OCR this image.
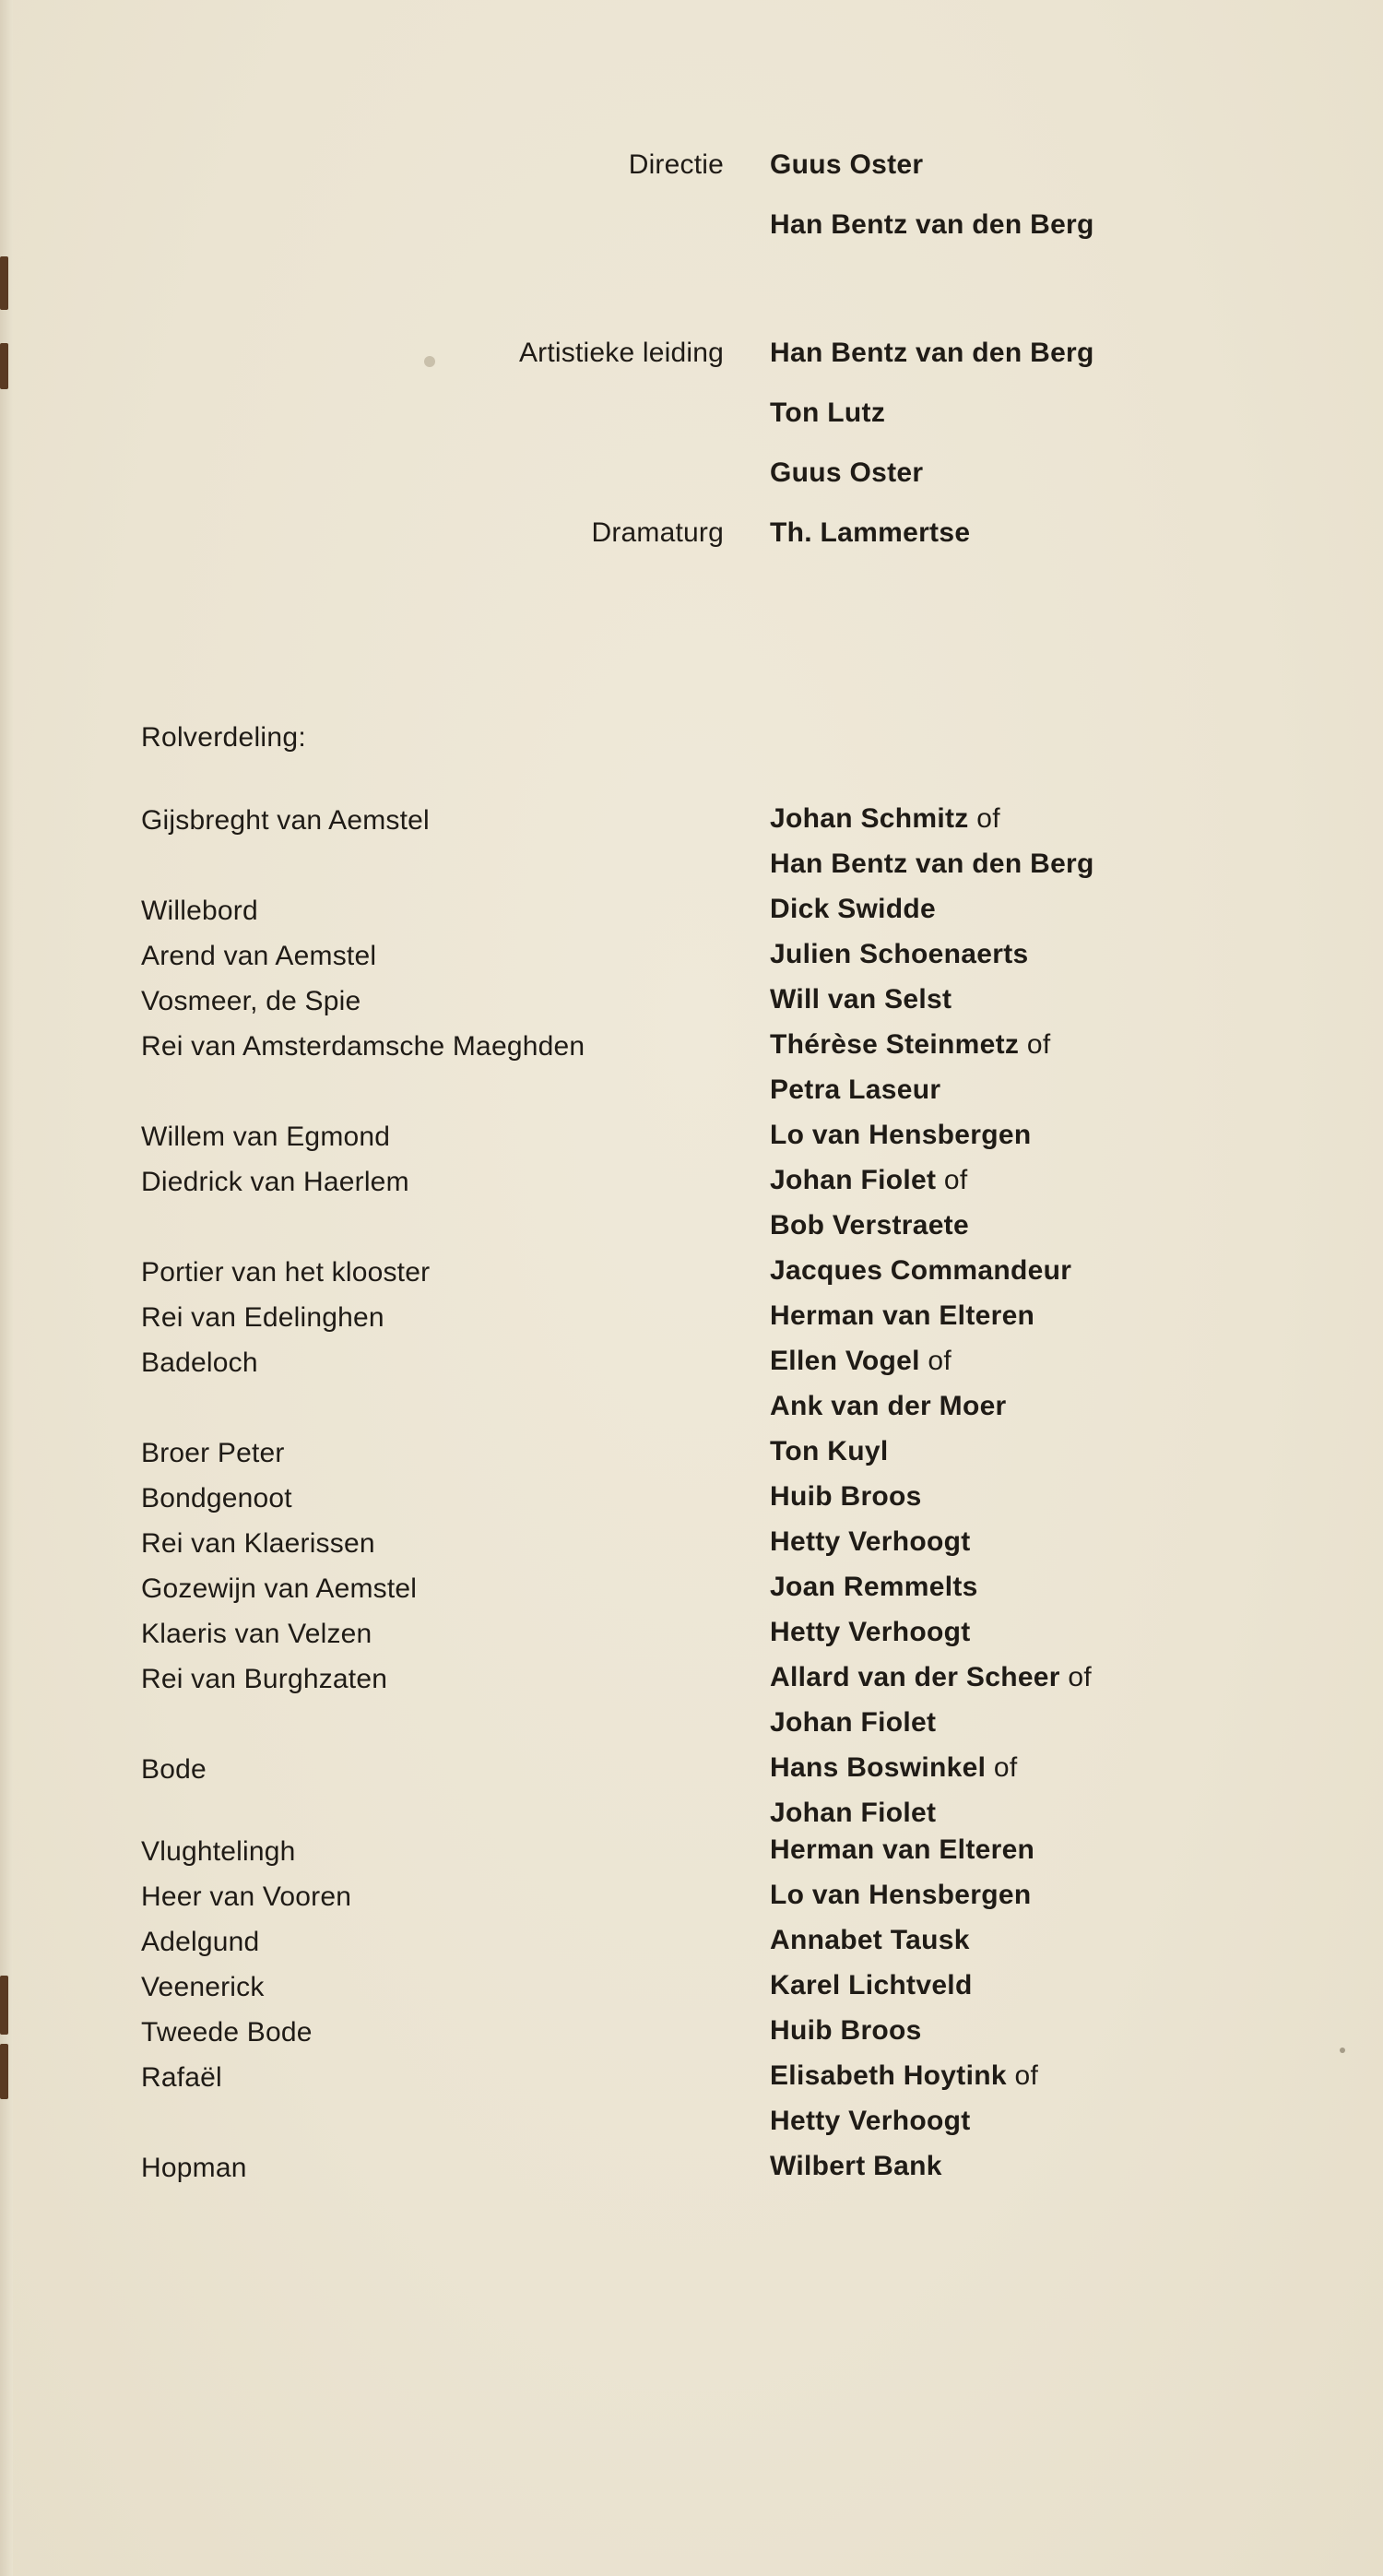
Directie Guus Oster
Han Bentz van den Berg
Artistieke leiding Han Bentz van den Berg
Ton Lutz
Guus Oster
Dramaturg Th. Lammertse
Rolverdeling:
Gijsbreght van Aemstel	Johan Schmitz of
Han Bentz van den Berg
Willebord	Dick Swidde
Arend van Aemstel	Julien Schoenaerts
Vosmeer, de Spie	Will van Selst
Rei van Amsterdamsche Maeghden	Thérèse Steinmetz of
Petra Laseur
Willem van Egmond	Lo van Hensbergen
Diedrick van Haerlem	Johan Fiolet of
Bob Verstraete
Portier van het klooster	Jacques Commandeur
Rei van Edelinghen	Herman van Elteren
Badeloch	Ellen Vogel of
Ank van der Moer
Broer Peter	Ton Kuyl
Bondgenoot	Huib Broos
Rei van Klaerissen	Hetty Verhoogt
Gozewijn van Aemstel	Joan Remmelts
Klaeris van Velzen	Hetty Verhoogt
Rei van Burghzaten	Allard van der Scheer of
Johan Fiolet
Bode	Hans Boswinkel of
Johan Fiolet
Vlughtelingh	Herman van Elteren
Heer van Vooren	Lo van Hensbergen
Adelgund	Annabet Tausk
Veenerick	Karel Lichtveld
Tweede Bode	Huib Broos
Rafaël	Elisabeth Hoytink of
Hetty Verhoogt
Hopman	Wilbert Bank
